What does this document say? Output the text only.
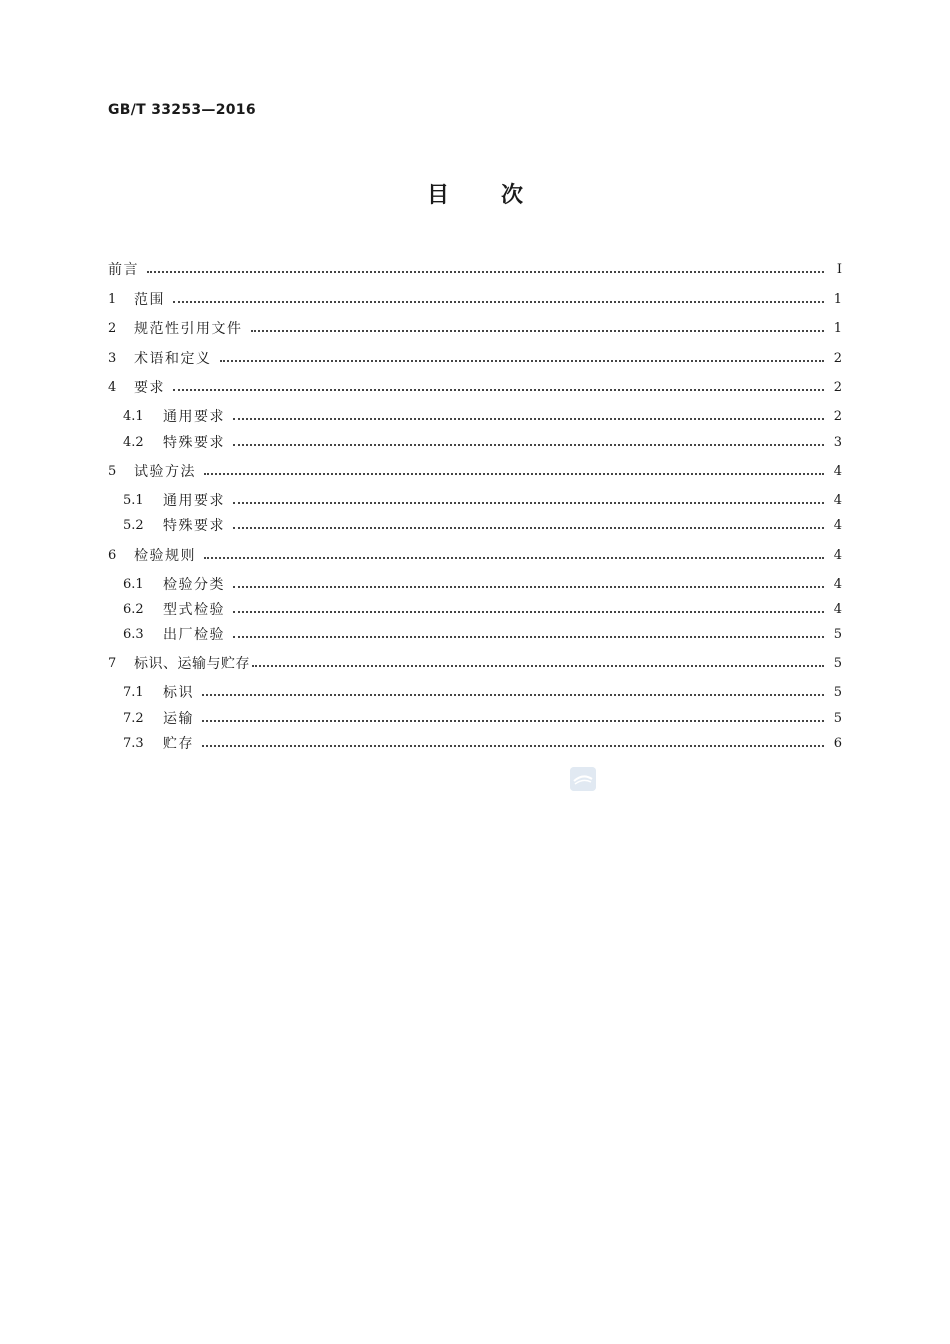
GB/T 33253—2016
目 次
前言	Ⅰ
1	范围	1
2	规范性引用文件	1
3	术语和定义	2
4	要求	2
4.1	通用要求	2
4.2	特殊要求	3
5	试验方法	4
5.1	通用要求	4
5.2	特殊要求	4
6	检验规则	4
6.1	检验分类	4
6.2	型式检验	4
6.3	出厂检验	5
7	标识、运输与贮存	5
7.1	标识	5
7.2	运输	5
7.3	贮存	6
